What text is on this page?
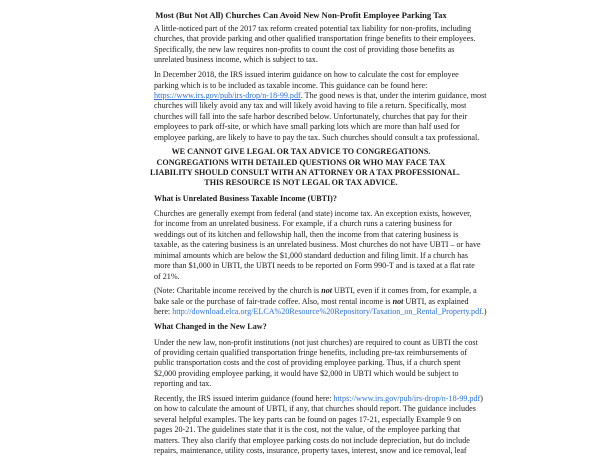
Most (But Not All) Churches Can Avoid New Non-Profit Employee Parking Tax

A little-noticed part of the 2017 tax reform created potential tax liability for non-profits, including
churches, that provide parking and other qualified transportation fringe benefits to their employees.
Specifically, the new law requires non-profits to count the cost of providing those benefits as
unrelated business income, which is subject to tax.

In December 2018, the IRS issued interim guidance on how to calculate the cost for employee
parking which is to be included as taxable income. This guidance can be found here:
https://www.irs.gov/pub/irs-drop/n-18-99.pdf. The good news is that, under the interim guidance, most
churches will likely avoid any tax and will likely avoid having to file a return. Specifically, most
churches will fall into the safe harbor described below. Unfortunately, churches that pay for their
employees to park off-site, or which have small parking lots which are more than half used for
employee parking, are likely to have to pay the tax. Such churches should consult a tax professional.

WE CANNOT GIVE LEGAL OR TAX ADVICE TO CONGREGATIONS.
CONGREGATIONS WITH DETAILED QUESTIONS OR WHO MAY FACE TAX
LIABILITY SHOULD CONSULT WITH AN ATTORNEY OR A TAX PROFESSIONAL.
THIS RESOURCE IS NOT LEGAL OR TAX ADVICE.
What is Unrelated Business Taxable Income (UBTI)?

Churches are generally exempt from federal (and state) income tax. An exception exists, however,
for income from an unrelated business. For example, if a church runs a catering business for
weddings out of its kitchen and fellowship hall, then the income from that catering business is
taxable, as the catering business is an unrelated business. Most churches do not have UBTI – or have
minimal amounts which are below the $1,000 standard deduction and filing limit. If a church has
more than $1,000 in UBTI, the UBTI needs to be reported on Form 990-T and is taxed at a flat rate
of 21%.

(Note: Charitable income received by the church is not UBTI, even if it comes from, for example, a
bake sale or the purchase of fair-trade coffee. Also, most rental income is not UBTI, as explained
here: http://download.elca.org/ELCA%20Resource%20Repository/Taxation_on_Rental_Property.pdf.)

What Changed in the New Law?

Under the new law, non-profit institutions (not just churches) are required to count as UBTI the cost
of providing certain qualified transportation fringe benefits, including pre-tax reimbursements of
public transportation costs and the cost of providing employee parking. Thus, if a church spent
$2,000 providing employee parking, it would have $2,000 in UBTI which would be subject to
reporting and tax.

Recently, the IRS issued interim guidance (found here: https://www.irs.gov/pub/irs-drop/n-18-99.pdf)
on how to calculate the amount of UBTI, if any, that churches should report. The guidance includes
several helpful examples. The key parts can be found on pages 17-21, especially Example 9 on
pages 20-21. The guidelines state that it is the cost, not the value, of the employee parking that
matters. They also clarify that employee parking costs do not include depreciation, but do include
repairs, maintenance, utility costs, insurance, property taxes, interest, snow and ice removal, leaf
